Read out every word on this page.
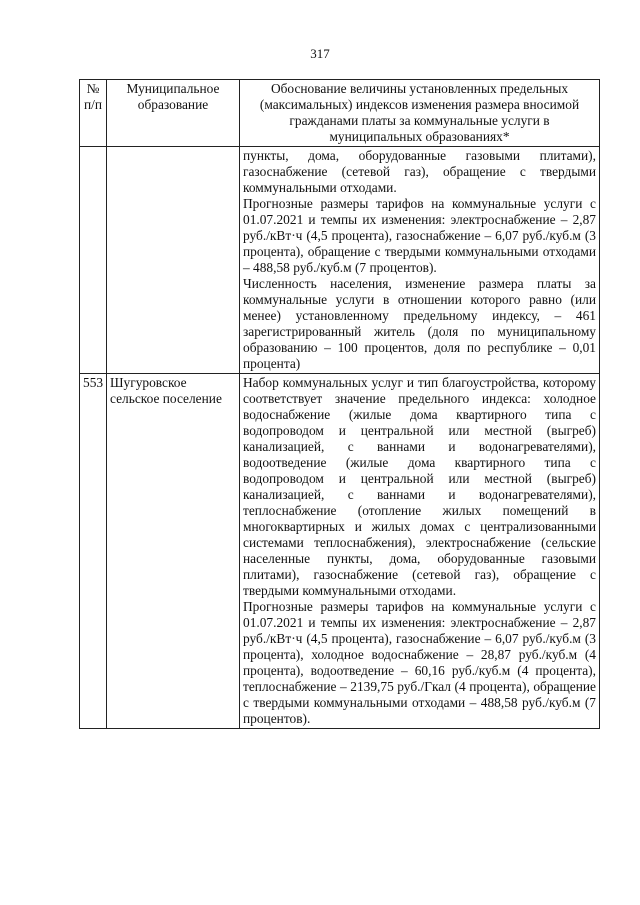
317
№ п/п	Муниципальное образование	Обоснование величины установленных предельных (максимальных) индексов изменения размера вносимой гражданами платы за коммунальные услуги в муниципальных образованиях*

		пункты, дома, оборудованные газовыми плитами), газоснабжение (сетевой газ), обращение с твердыми коммунальными отходами.

Прогнозные размеры тарифов на коммунальные услуги с 01.07.2021 и темпы их изменения: электроснабжение – 2,87 руб./кВт·ч (4,5 процента), газоснабжение – 6,07 руб./куб.м (3 процента), обращение с твердыми коммунальными отходами – 488,58 руб./куб.м (7 процентов).

Численность населения, изменение размера платы за коммунальные услуги в отношении которого равно (или менее) установленному предельному индексу, – 461 зарегистрированный житель (доля по муниципальному образованию – 100 процентов, доля по республике – 0,01 процента)

553	Шугуровское сельское поселение	Набор коммунальных услуг и тип благоустройства, которому соответствует значение предельного индекса: холодное водоснабжение (жилые дома квартирного типа с водопроводом и центральной или местной (выгреб) канализацией, с ваннами и водонагревателями), водоотведение (жилые дома квартирного типа с водопроводом и центральной или местной (выгреб) канализацией, с ваннами и водонагревателями), теплоснабжение (отопление жилых помещений в многоквартирных и жилых домах с централизованными системами теплоснабжения), электроснабжение (сельские населенные пункты, дома, оборудованные газовыми плитами), газоснабжение (сетевой газ), обращение с твердыми коммунальными отходами.

Прогнозные размеры тарифов на коммунальные услуги с 01.07.2021 и темпы их изменения: электроснабжение – 2,87 руб./кВт·ч (4,5 процента), газоснабжение – 6,07 руб./куб.м (3 процента), холодное водоснабжение – 28,87 руб./куб.м (4 процента), водоотведение – 60,16 руб./куб.м (4 процента), теплоснабжение – 2139,75 руб./Гкал (4 процента), обращение с твердыми коммунальными отходами – 488,58 руб./куб.м (7 процентов).
